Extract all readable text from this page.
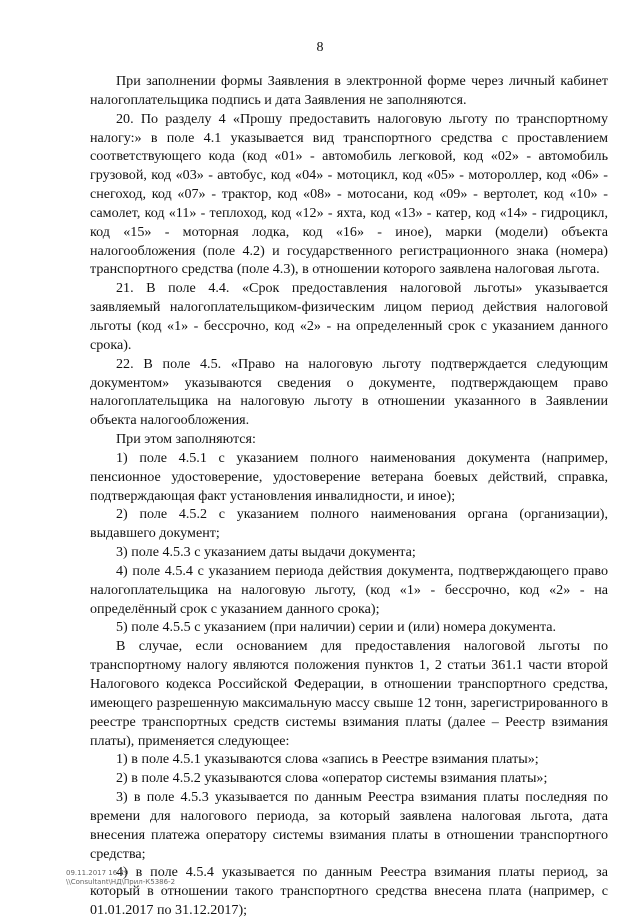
8

При заполнении формы Заявления в электронной форме через личный кабинет налогоплательщика подпись и дата Заявления не заполняются.

20. По разделу 4 «Прошу предоставить налоговую льготу по транспортному налогу:» в поле 4.1 указывается вид транспортного средства с проставлением соответствующего кода (код «01» - автомобиль легковой, код «02» - автомобиль грузовой, код «03» - автобус, код «04» - мотоцикл, код «05» - мотороллер, код «06» - снегоход, код «07» - трактор, код «08» - мотосани, код «09» - вертолет, код «10» - самолет, код «11» - теплоход, код «12» - яхта, код «13» - катер, код «14» - гидроцикл, код «15» - моторная лодка, код «16» - иное), марки (модели) объекта налогообложения (поле 4.2) и государственного регистрационного знака (номера) транспортного средства (поле 4.3), в отношении которого заявлена налоговая льгота.

21. В поле 4.4. «Срок предоставления налоговой льготы» указывается заявляемый налогоплательщиком-физическим лицом период действия налоговой льготы (код «1» - бессрочно, код «2» - на определенный срок с указанием данного срока).

22. В поле 4.5. «Право на налоговую льготу подтверждается следующим документом» указываются сведения о документе, подтверждающем право налогоплательщика на налоговую льготу в отношении указанного в Заявлении объекта налогообложения.

При этом заполняются:

1) поле 4.5.1 с указанием полного наименования документа (например, пенсионное удостоверение, удостоверение ветерана боевых действий, справка, подтверждающая факт установления инвалидности, и иное);

2) поле 4.5.2 с указанием полного наименования органа (организации), выдавшего документ;

3) поле 4.5.3 с указанием даты выдачи документа;

4) поле 4.5.4 с указанием периода действия документа, подтверждающего право налогоплательщика на налоговую льготу, (код «1» - бессрочно, код «2» - на определённый срок с указанием данного срока);

5) поле 4.5.5 с указанием (при наличии) серии и (или) номера документа.

В случае, если основанием для предоставления налоговой льготы по транспортному налогу являются положения пунктов 1, 2 статьи 361.1 части второй Налогового кодекса Российской Федерации, в отношении транспортного средства, имеющего разрешенную максимальную массу свыше 12 тонн, зарегистрированного в реестре транспортных средств системы взимания платы (далее – Реестр взимания платы), применяется следующее:

1) в поле 4.5.1 указываются слова «запись в Реестре взимания платы»;

2) в поле 4.5.2 указываются слова «оператор системы взимания платы»;

3) в поле 4.5.3 указывается по данным Реестра взимания платы последняя по времени для налогового периода, за который заявлена налоговая льгота, дата внесения платежа оператору системы взимания платы в отношении транспортного средства;

4) в поле 4.5.4 указывается по данным Реестра взимания платы период, за который в отношении такого транспортного средства внесена плата (например, с 01.01.2017 по 31.12.2017);

09.11.2017 16:29
\\Consultant\НД\Прил-К5386-2
